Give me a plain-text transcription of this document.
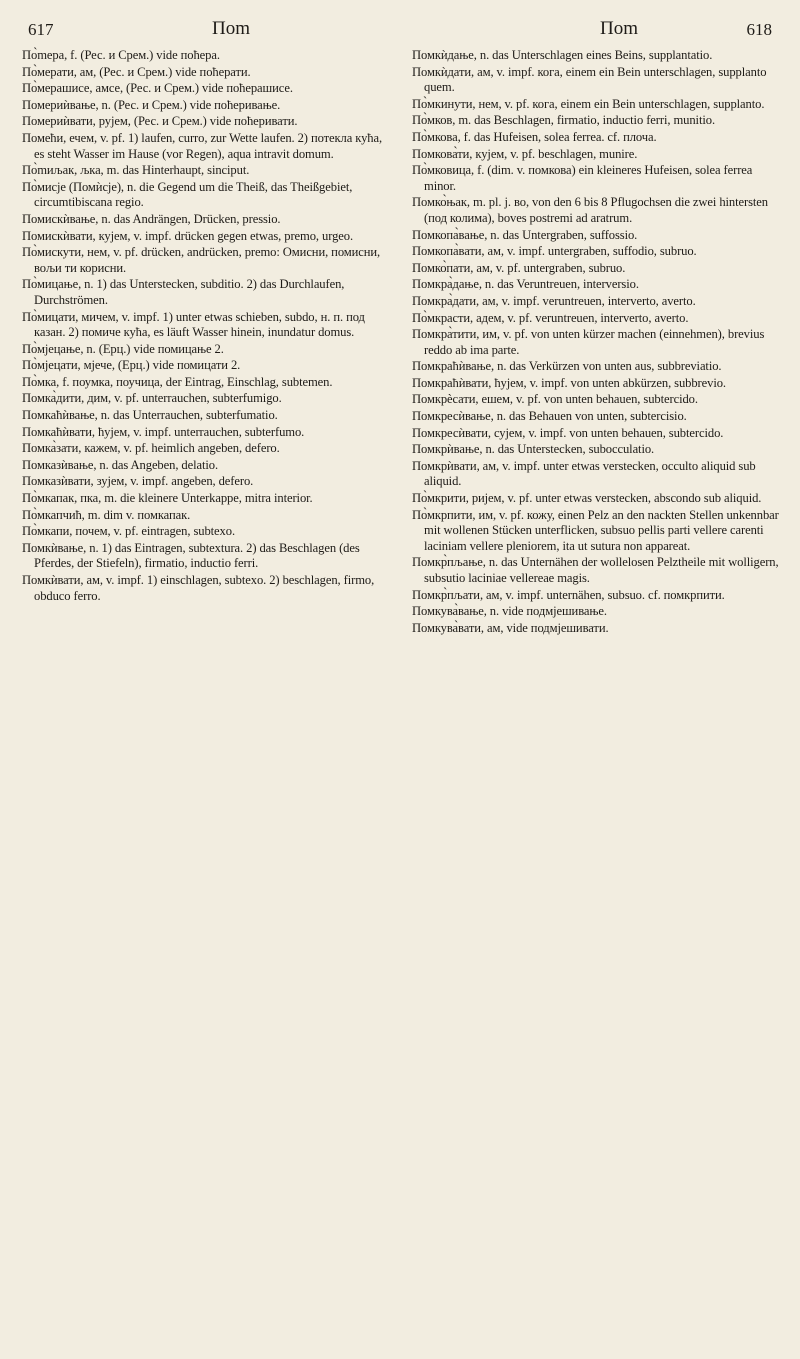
617	Поm	Поm	618

По̀mера, f. (Рес. и Срем.) vide поħера.

По̀мерати, ам, (Рес. и Срем.) vide поħерати.

По̀мерашисе, амсе, (Рес. и Срем.) vide поħерашисе.

Помериѝвање, n. (Рес. и Срем.) vide поħеривање.

Помериѝвати, рујем, (Рес. и Срем.) vide поħеривати.

Помеħи, ечем, v. pf. 1) laufen, curro, zur Wette laufen. 2) потекла куħа, es steht Wasser im Hause (vor Regen), aqua intravit domum.

По̀mиљак, љка, m. das Hinterhaupt, sinciput.

По̀мисје (Помѝсје), n. die Gegend um die Theiß, das Theißgebiet, circumtibiscana regio.

Помискѝвање, n. das Andrängen, Drücken, pressio.

Помискѝвати, кујем, v. impf. drücken gegen etwas, premo, urgeo.

По̀мискути, нем, v. pf. drücken, andrücken, premo: Омисни, помисни, вољи ти корисни.

По̀мицање, n. 1) das Unterstecken, subditio. 2) das Durchlaufen, Durchströmen.

По̀мицати, мичем, v. impf. 1) unter etwas schieben, subdo, н. п. под казан. 2) помиче куħа, es läuft Wasser hinein, inundatur domus.

По̀мјецање, n. (Ерц.) vide помицање 2.

По̀мјецати, мјече, (Ерц.) vide помицати 2.

По̀мка, f. поумка, поучица, der Eintrag, Einschlag, subtemen.

Помка̀дити, дим, v. pf. unterrauchen, subterfumigo.

Помкаħѝвање, n. das Unterrauchen, subterfumatio.

Помкаħѝвати, ħујем, v. impf. unterrauchen, subterfumo.

Помка̀зати, кажем, v. pf. heimlich angeben, defero.

Помказѝвање, n. das Angeben, delatio.

Помказѝвати, зујем, v. impf. angeben, defero.

По̀мкапак, пка, m. die kleinere Unterkappe, mitra interior.

По̀мкапчиħ, m. dim v. помкапак.

По̀мкапи, почем, v. pf. eintragen, subtexo.

Помкѝвање, n. 1) das Eintragen, subtextura. 2) das Beschlagen (des Pferdes, der Stiefeln), firmatio, inductio ferri.

Помкѝвати, ам, v. impf. 1) einschlagen, subtexo. 2) beschlagen, firmo, obduco ferro.

Помкѝдање, n. das Unterschlagen eines Beins, supplantatio.

Помкѝдати, ам, v. impf. кога, einem ein Bein unterschlagen, supplanto quem.

По̀мкинути, нем, v. pf. кога, einem ein Bein unterschlagen, supplanto.

По̀мков, m. das Beschlagen, firmatio, inductio ferri, munitio.

По̀мкова, f. das Hufeisen, solea ferrea. cf. плоча.

Помкова̀ти, кујем, v. pf. beschlagen, munire.

По̀мковица, f. (dim. v. помкова) ein kleineres Hufeisen, solea ferrea minor.

Помко̀њак, m. pl. j. во, von den 6 bis 8 Pflugochsen die zwei hintersten (под колима), boves postremi ad aratrum.

Помкопа̀вање, n. das Untergraben, suffossio.

Помкопа̀вати, ам, v. impf. untergraben, suffodio, subruo.

Помко̀пати, ам, v. pf. untergraben, subruo.

Помкра̀дање, n. das Veruntreuen, interversio.

Помкра̀дати, ам, v. impf. veruntreuen, interverto, averto.

По̀мкрасти, адем, v. pf. veruntreuen, interverto, averto.

Помкра̀тити, им, v. pf. von unten kürzer machen (einnehmen), brevius reddo ab ima parte.

Помкраħѝвање, n. das Verkürzen von unten aus, subbreviatio.

Помкраħѝвати, ħујем, v. impf. von unten abkürzen, subbrevio.

Помкрѐсати, ешем, v. pf. von unten behauen, subtercido.

Помкресѝвање, n. das Behauen von unten, subtercisio.

Помкресѝвати, сујем, v. impf. von unten behauen, subtercido.

Помкрѝвање, n. das Unterstecken, subocculatio.

Помкрѝвати, ам, v. impf. unter etwas verstecken, occulto aliquid sub aliquid.

По̀мкрити, ријем, v. pf. unter etwas verstecken, abscondo sub aliquid.

По̀мкрпити, им, v. pf. кожу, einen Pelz an den nackten Stellen unkennbar mit wollenen Stücken unterflicken, subsuo pellis parti vellere carenti laciniam vellere pleniorem, ita ut sutura non appareat.

Помкр̀пљање, n. das Unternähen der wollelosen Pelztheile mit wolligern, subsutio laciniae vellereae magis.

Помкр̀пљати, ам, v. impf. unternähen, subsuo. cf. помкрпити.

Помкува̀вање, n. vide подмјешивање.

Помкува̀вати, ам, vide подмјешивати.
